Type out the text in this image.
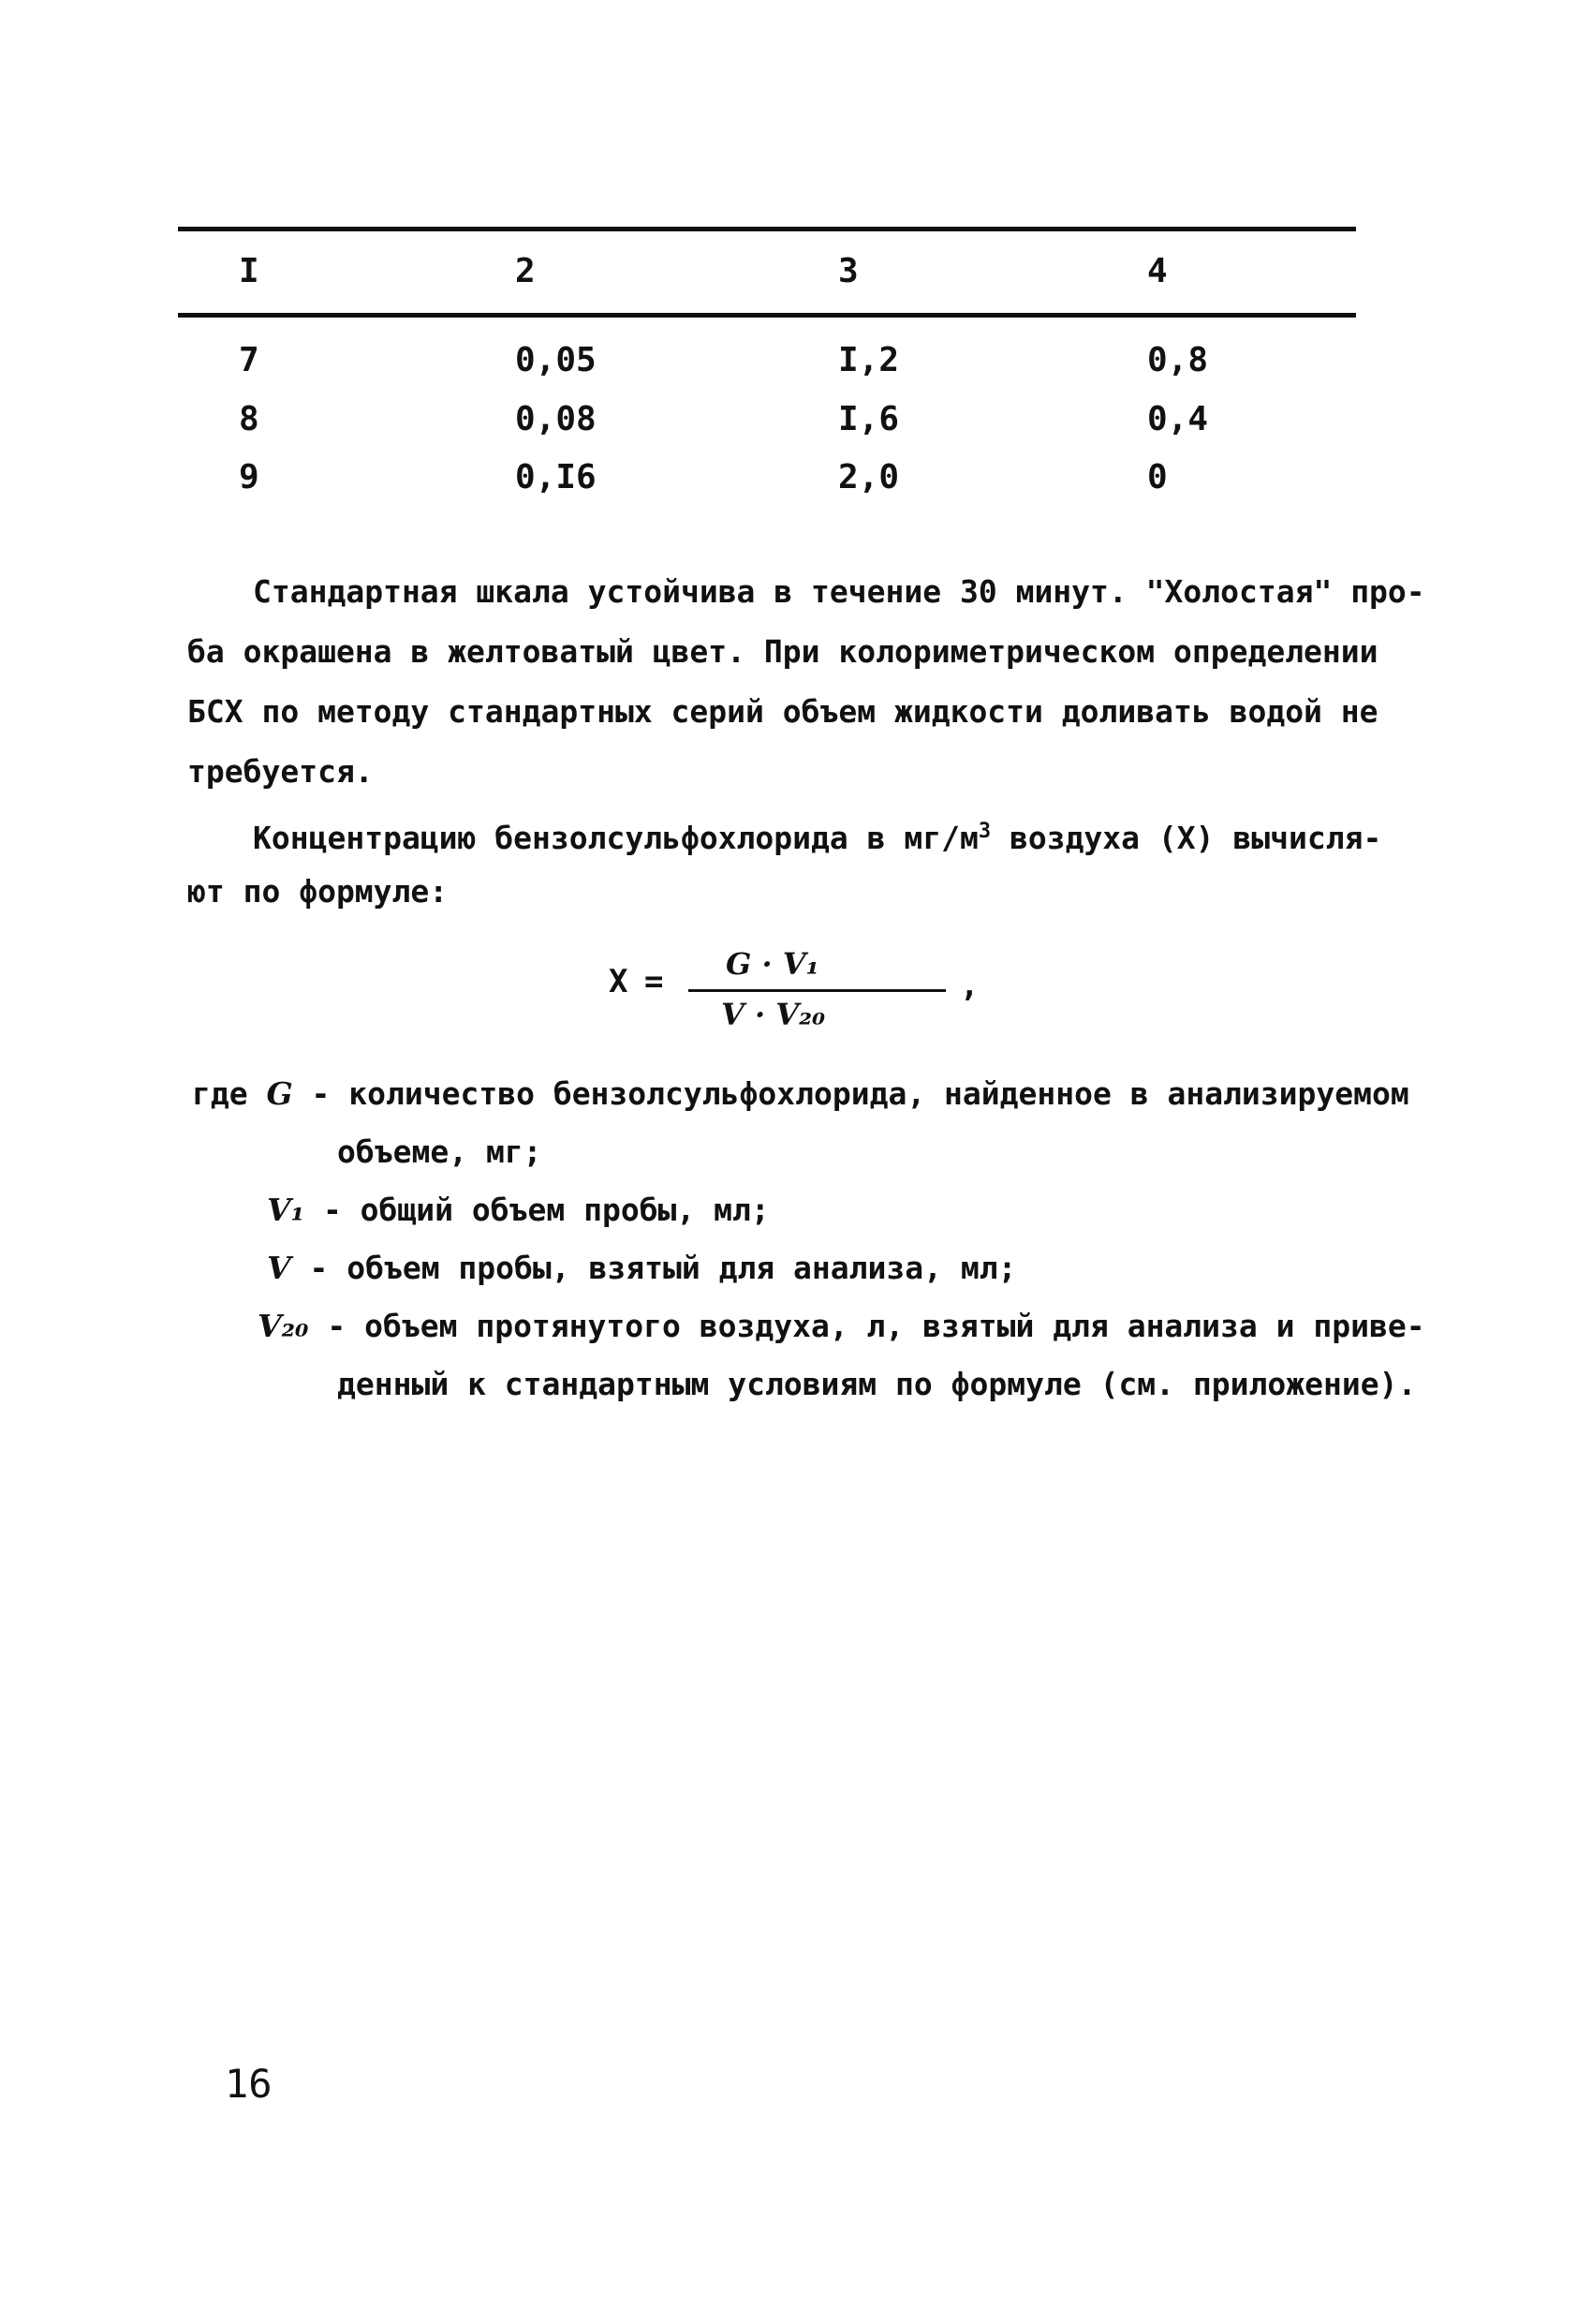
I	2	3	4
7	0,05	I,2	0,8
8	0,08	I,6	0,4
9	0,I6	2,0	0
Стандартная шкала устойчива в течение 30 минут. "Холостая" про-
ба окрашена в желтоватый цвет. При колориметрическом определении
БСХ по методу стандартных серий объем жидкости доливать водой не
требуется.
Концентрацию бензолсульфохлорида в $мг/м^3$ воздуха (X) вычисля-
ют по формуле:
X = G · V₁
V · V₂₀
,
где G - количество бензолсульфохлорида, найденное в анализируемом
объеме, мг;
V₁ - общий объем пробы, мл;
V - объем пробы, взятый для анализа, мл;
V₂₀ - объем протянутого воздуха, л, взятый для анализа и приве-
денный к стандартным условиям по формуле (см. приложение).
16
